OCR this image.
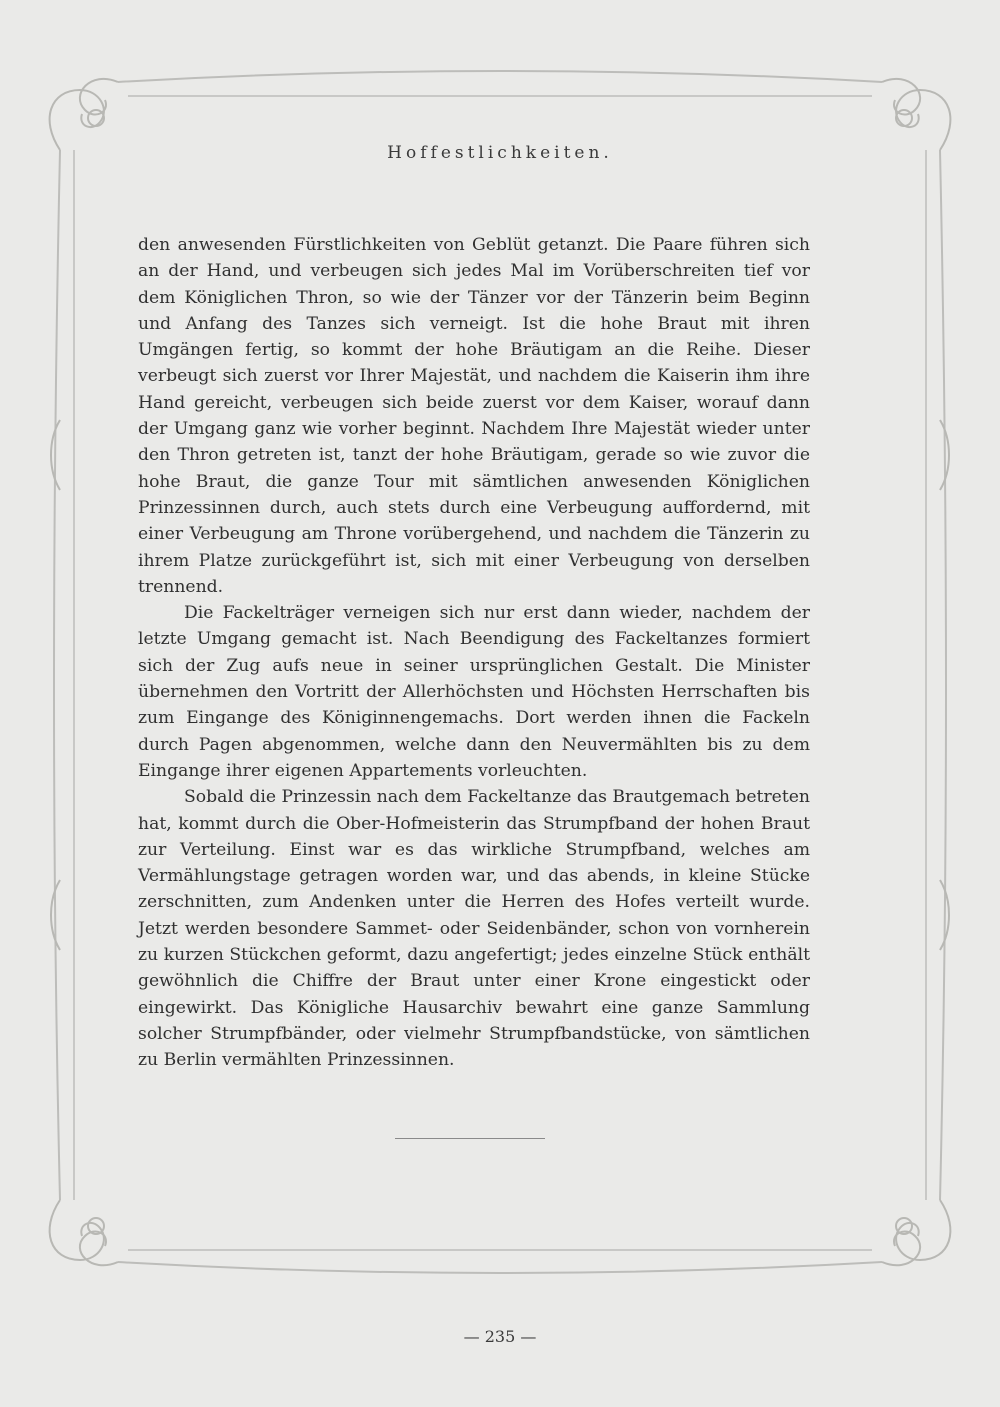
Hoffestlichkeiten.

den anwesenden Fürstlichkeiten von Geblüt getanzt. Die Paare führen sich an der Hand, und verbeugen sich jedes Mal im Vorüberschreiten tief vor dem Königlichen Thron, so wie der Tänzer vor der Tänzerin beim Beginn und Anfang des Tanzes sich verneigt. Ist die hohe Braut mit ihren Umgängen fertig, so kommt der hohe Bräutigam an die Reihe. Dieser verbeugt sich zuerst vor Ihrer Majestät, und nachdem die Kaiserin ihm ihre Hand gereicht, verbeugen sich beide zuerst vor dem Kaiser, worauf dann der Umgang ganz wie vorher beginnt. Nachdem Ihre Majestät wieder unter den Thron getreten ist, tanzt der hohe Bräutigam, gerade so wie zuvor die hohe Braut, die ganze Tour mit sämtlichen anwesenden Königlichen Prinzessinnen durch, auch stets durch eine Verbeugung auffordernd, mit einer Verbeugung am Throne vorübergehend, und nachdem die Tänzerin zu ihrem Platze zurückgeführt ist, sich mit einer Verbeugung von derselben trennend.

Die Fackelträger verneigen sich nur erst dann wieder, nachdem der letzte Umgang gemacht ist. Nach Beendigung des Fackeltanzes formiert sich der Zug aufs neue in seiner ursprünglichen Gestalt. Die Minister übernehmen den Vortritt der Allerhöchsten und Höchsten Herrschaften bis zum Eingange des Königinnengemachs. Dort werden ihnen die Fackeln durch Pagen abgenommen, welche dann den Neuvermählten bis zu dem Eingange ihrer eigenen Appartements vorleuchten.

Sobald die Prinzessin nach dem Fackeltanze das Brautgemach betreten hat, kommt durch die Ober-Hofmeisterin das Strumpfband der hohen Braut zur Verteilung. Einst war es das wirkliche Strumpfband, welches am Vermählungstage getragen worden war, und das abends, in kleine Stücke zerschnitten, zum Andenken unter die Herren des Hofes verteilt wurde. Jetzt werden besondere Sammet- oder Seidenbänder, schon von vornherein zu kurzen Stückchen geformt, dazu angefertigt; jedes einzelne Stück enthält gewöhnlich die Chiffre der Braut unter einer Krone eingestickt oder eingewirkt. Das Königliche Hausarchiv bewahrt eine ganze Sammlung solcher Strumpfbänder, oder vielmehr Strumpfbandstücke, von sämtlichen zu Berlin vermählten Prinzessinnen.

— 235 —
